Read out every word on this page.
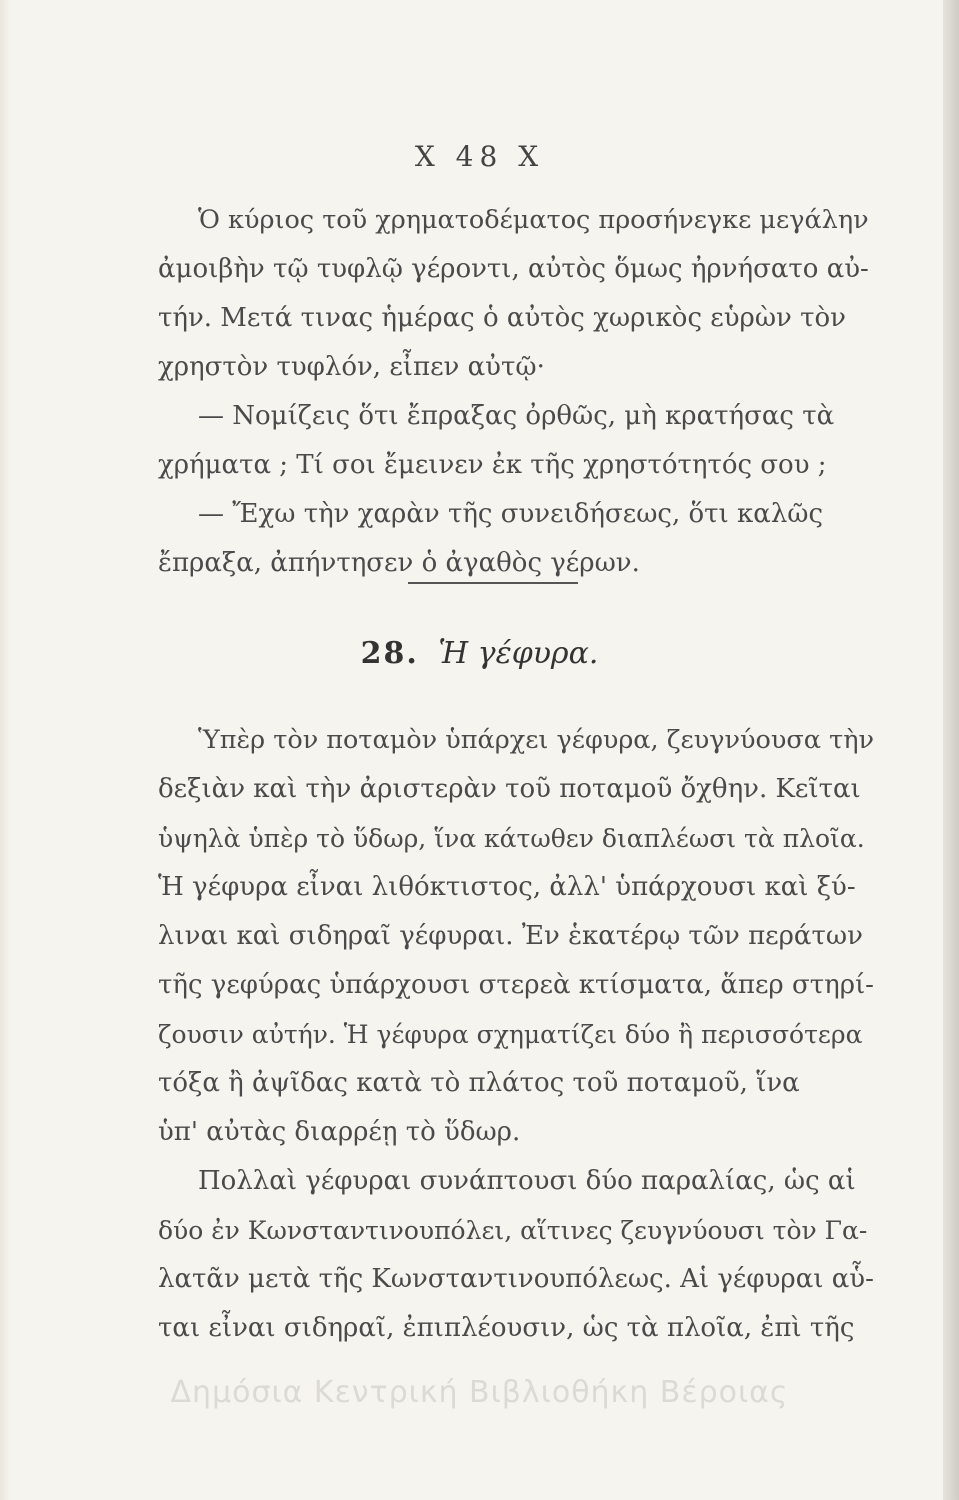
Χ 48 Χ
Ὁ κύριος τοῦ χρηματοδέματος προσήνεγκε μεγάλην
ἀμοιβὴν τῷ τυφλῷ γέροντι, αὐτὸς ὅμως ἠρνήσατο αὐ-
τήν. Μετά τινας ἡμέρας ὁ αὐτὸς χωρικὸς εὑρὼν τὸν
χρηστὸν τυφλόν, εἶπεν αὐτῷ·
— Νομίζεις ὅτι ἔπραξας ὀρθῶς, μὴ κρατήσας τὰ
χρήματα ; Τί σοι ἔμεινεν ἐκ τῆς χρηστότητός σου ;
— Ἔχω τὴν χαρὰν τῆς συνειδήσεως, ὅτι καλῶς
ἔπραξα, ἀπήντησεν ὁ ἀγαθὸς γέρων.
28. Ἡ γέφυρα.
Ὑπὲρ τὸν ποταμὸν ὑπάρχει γέφυρα, ζευγνύουσα τὴν
δεξιὰν καὶ τὴν ἀριστερὰν τοῦ ποταμοῦ ὄχθην. Κεῖται
ὑψηλὰ ὑπὲρ τὸ ὕδωρ, ἵνα κάτωθεν διαπλέωσι τὰ πλοῖα.
Ἡ γέφυρα εἶναι λιθόκτιστος, ἀλλ' ὑπάρχουσι καὶ ξύ-
λιναι καὶ σιδηραῖ γέφυραι. Ἐν ἑκατέρῳ τῶν περάτων
τῆς γεφύρας ὑπάρχουσι στερεὰ κτίσματα, ἅπερ στηρί-
ζουσιν αὐτήν. Ἡ γέφυρα σχηματίζει δύο ἢ περισσότερα
τόξα ἢ ἀψῖδας κατὰ τὸ πλάτος τοῦ ποταμοῦ, ἵνα
ὑπ' αὐτὰς διαρρέῃ τὸ ὕδωρ.
Πολλαὶ γέφυραι συνάπτουσι δύο παραλίας, ὡς αἱ
δύο ἐν Κωνσταντινουπόλει, αἵτινες ζευγνύουσι τὸν Γα-
λατᾶν μετὰ τῆς Κωνσταντινουπόλεως. Αἱ γέφυραι αὗ-
ται εἶναι σιδηραῖ, ἐπιπλέουσιν, ὡς τὰ πλοῖα, ἐπὶ τῆς
Δημόσια Κεντρική Βιβλιοθήκη Βέροιας
